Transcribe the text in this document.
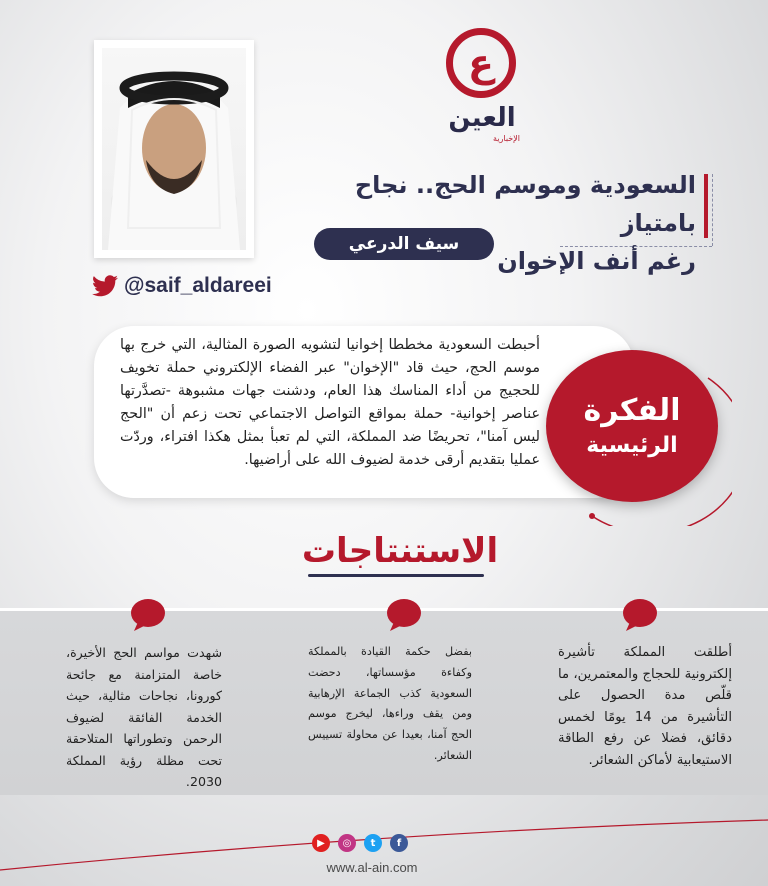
ع
العين
الإخبارية
@saif_aldareei
السعودية وموسم الحج.. نجاح بامتياز
رغم أنف الإخوان
سيف الدرعي
أحبطت السعودية مخططا إخوانيا لتشويه الصورة المثالية، التي خرج بها موسم الحج، حيث قاد "الإخوان" عبر الفضاء الإلكتروني حملة تخويف للحجيج من أداء المناسك هذا العام، ودشنت جهات مشبوهة -تصدَّرتها عناصر إخوانية- حملة بمواقع التواصل الاجتماعي تحت زعم أن "الحج ليس آمنا"، تحريضًا ضد المملكة، التي لم تعبأ بمثل هكذا افتراء، وردّت عمليا بتقديم أرقى خدمة لضيوف الله على أراضيها.
الفكرة
الرئيسية
الاستنتاجات
أطلقت المملكة تأشيرة إلكترونية للحجاج والمعتمرين، ما قلّص مدة الحصول على التأشيرة من 14 يومًا لخمس دقائق، فضلا عن رفع الطاقة الاستيعابية لأماكن الشعائر.
بفضل حكمة القيادة بالمملكة وكفاءة مؤسساتها، دحضت السعودية كذب الجماعة الإرهابية ومن يقف وراءها، ليخرج موسم الحج آمنا، بعيدا عن محاولة تسييس الشعائر.
شهدت مواسم الحج الأخيرة، خاصة المتزامنة مع جائحة كورونا، نجاحات مثالية، حيث الخدمة الفائقة لضيوف الرحمن وتطوراتها المتلاحقة تحت مظلة رؤية المملكة 2030.
▶	◎	t	f
www.al-ain.com
